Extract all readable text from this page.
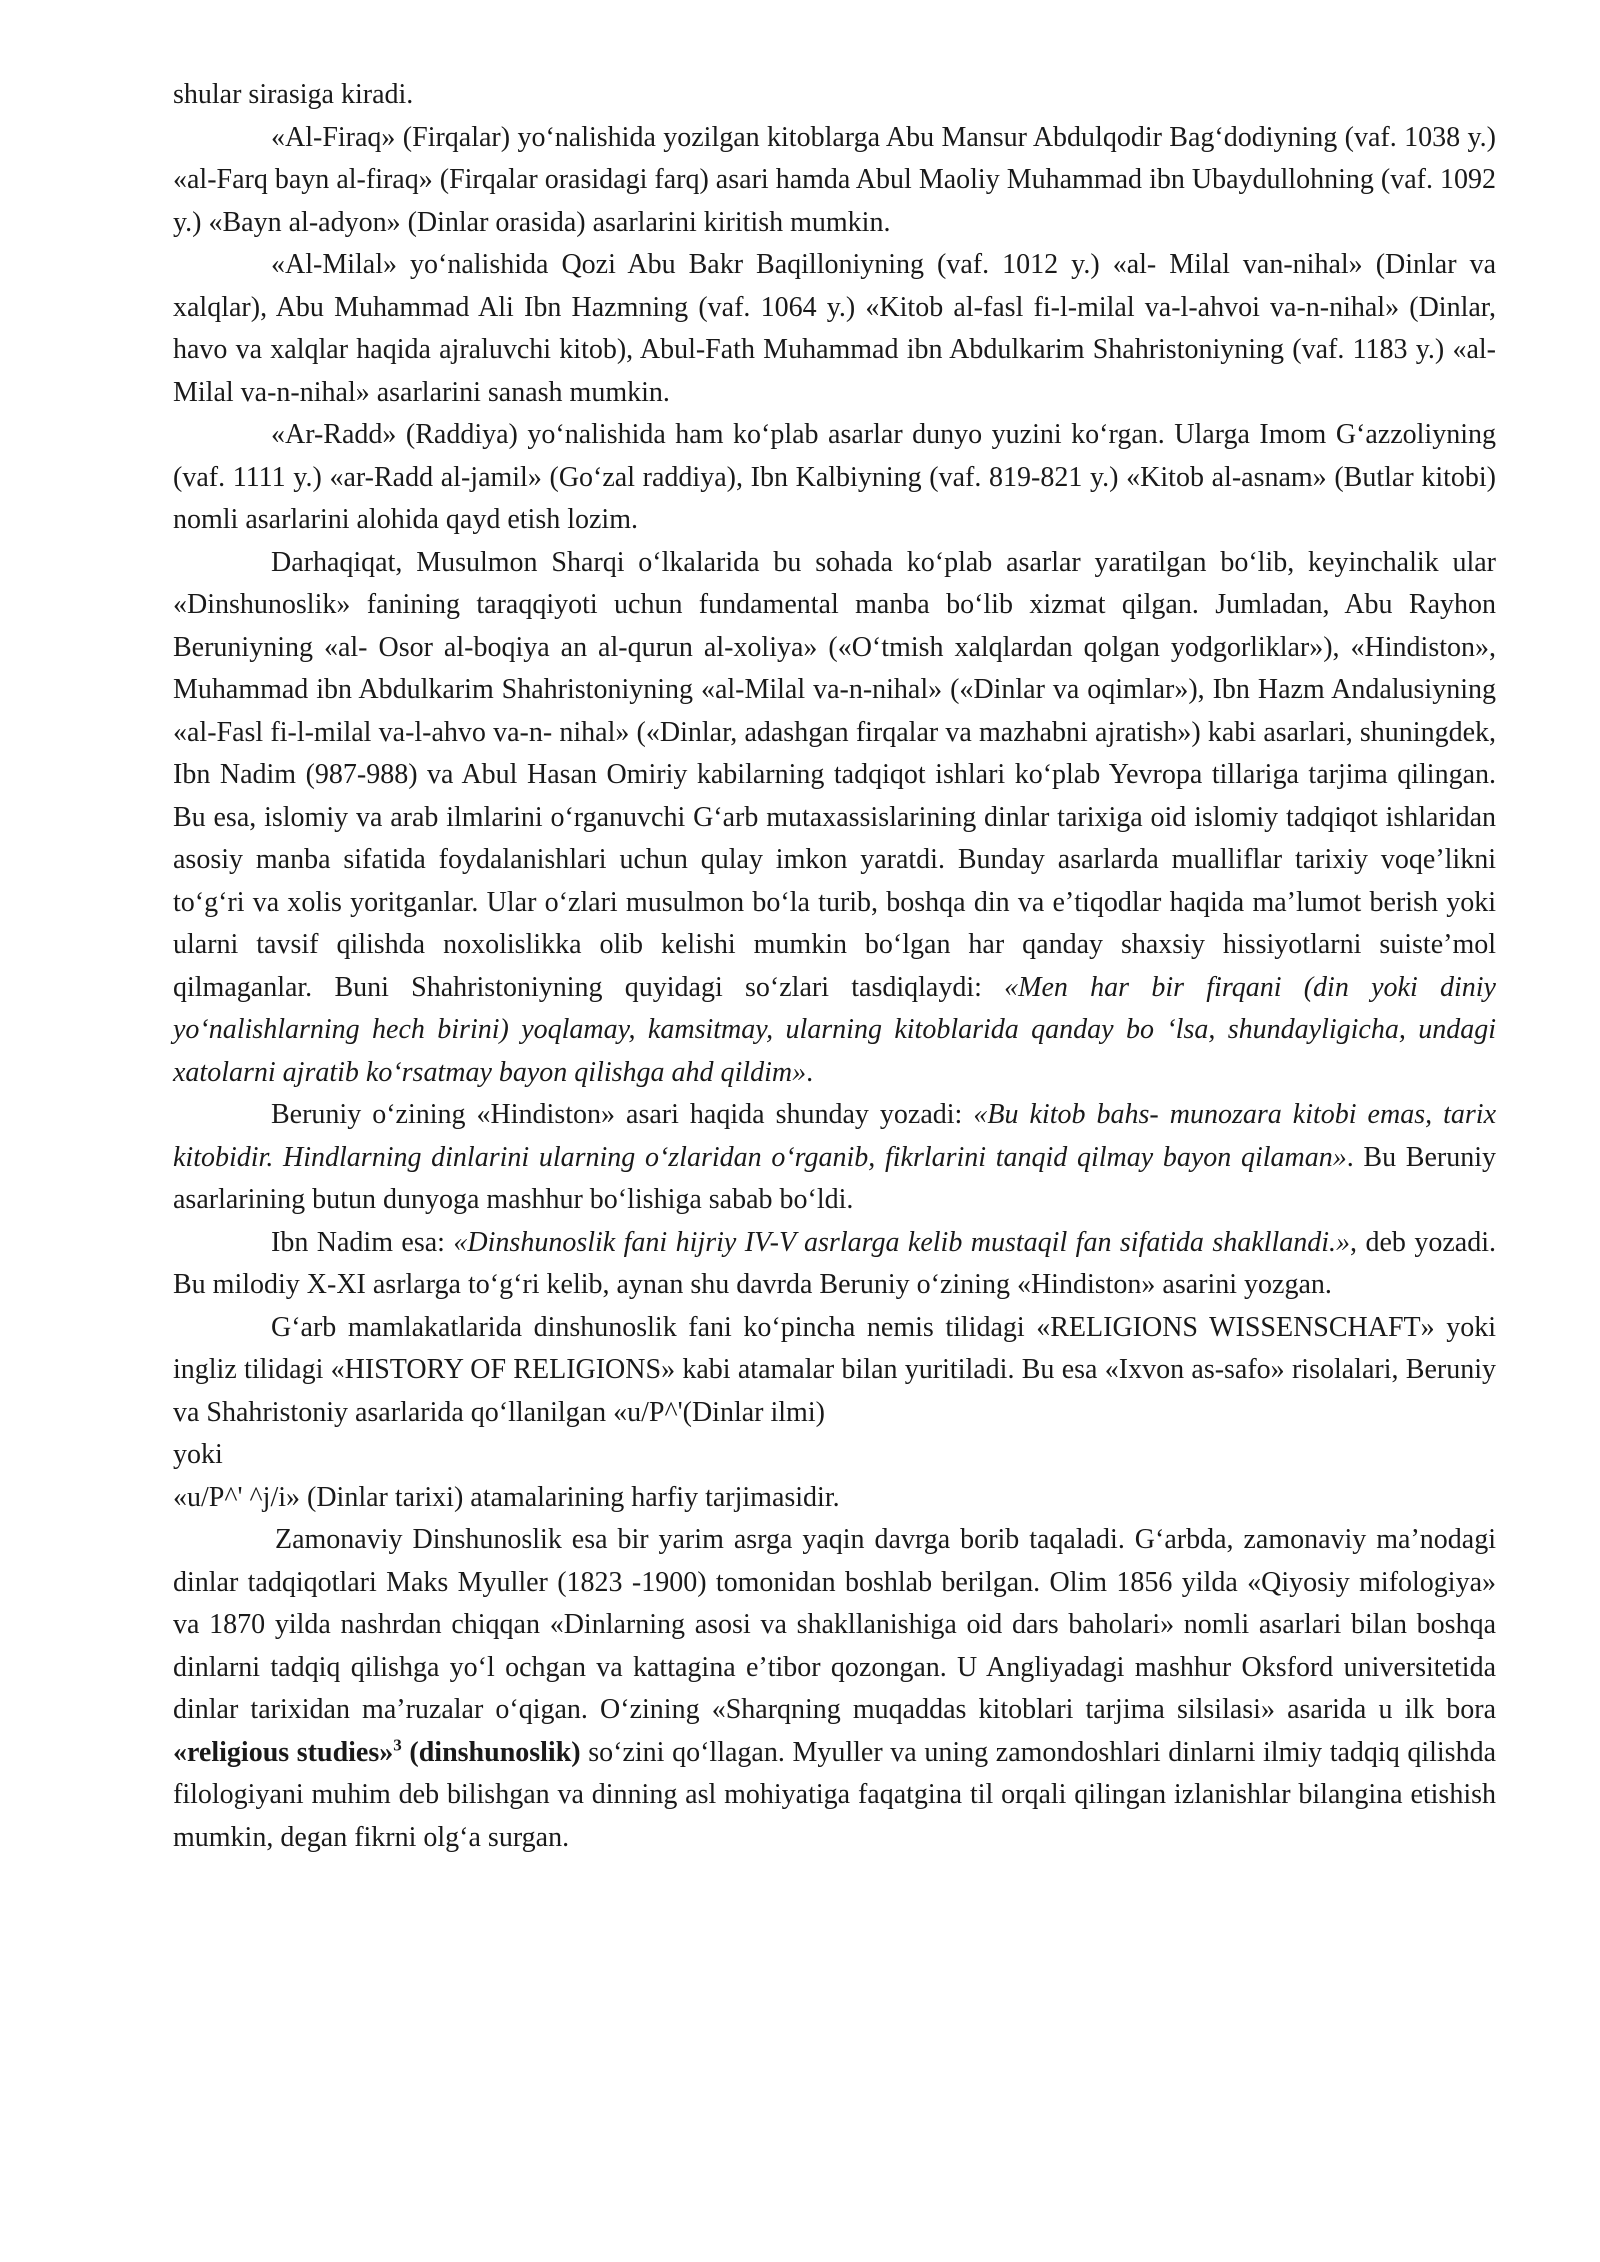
shular sirasiga kiradi.

«Al-Firaq» (Firqalar) yoʻnalishida yozilgan kitoblarga Abu Mansur Abdulqodir Bagʻdodiyning (vaf. 1038 y.) «al-Farq bayn al-firaq» (Firqalar orasidagi farq) asari hamda Abul Maoliy Muhammad ibn Ubaydullohning (vaf. 1092 y.) «Bayn al-adyon» (Dinlar orasida) asarlarini kiritish mumkin.

«Al-Milal» yoʻnalishida Qozi Abu Bakr Baqilloniyning (vaf. 1012 y.) «al- Milal van-nihal» (Dinlar va xalqlar), Abu Muhammad Ali Ibn Hazmning (vaf. 1064 y.) «Kitob al-fasl fi-l-milal va-l-ahvoi va-n-nihal» (Dinlar, havo va xalqlar haqida ajraluvchi kitob), Abul-Fath Muhammad ibn Abdulkarim Shahristoniyning (vaf. 1183 y.) «al-Milal va-n-nihal» asarlarini sanash mumkin.

«Ar-Radd» (Raddiya) yoʻnalishida ham koʻplab asarlar dunyo yuzini koʻrgan. Ularga Imom Gʻazzoliyning (vaf. 1111 y.) «ar-Radd al-jamil» (Goʻzal raddiya), Ibn Kalbiyning (vaf. 819-821 y.) «Kitob al-asnam» (Butlar kitobi) nomli asarlarini alohida qayd etish lozim.

Darhaqiqat, Musulmon Sharqi oʻlkalarida bu sohada koʻplab asarlar yaratilgan boʻlib, keyinchalik ular «Dinshunoslik» fanining taraqqiyoti uchun fundamental manba boʻlib xizmat qilgan. Jumladan, Abu Rayhon Beruniyning «al- Osor al-boqiya an al-qurun al-xoliya» («Oʻtmish xalqlardan qolgan yodgorliklar»), «Hindiston», Muhammad ibn Abdulkarim Shahristoniyning «al-Milal va-n-nihal» («Dinlar va oqimlar»), Ibn Hazm Andalusiyning «al-Fasl fi-l-milal va-l-ahvo va-n- nihal» («Dinlar, adashgan firqalar va mazhabni ajratish») kabi asarlari, shuningdek, Ibn Nadim (987-988) va Abul Hasan Omiriy kabilarning tadqiqot ishlari koʻplab Yevropa tillariga tarjima qilingan. Bu esa, islomiy va arab ilmlarini oʻrganuvchi Gʻarb mutaxassislarining dinlar tarixiga oid islomiy tadqiqot ishlaridan asosiy manba sifatida foydalanishlari uchun qulay imkon yaratdi. Bunday asarlarda mualliflar tarixiy voqeʼlikni toʻgʻri va xolis yoritganlar. Ular oʻzlari musulmon boʻla turib, boshqa din va eʼtiqodlar haqida maʼlumot berish yoki ularni tavsif qilishda noxolislikka olib kelishi mumkin boʻlgan har qanday shaxsiy hissiyotlarni suisteʼmol qilmaganlar. Buni Shahristoniyning quyidagi soʻzlari tasdiqlaydi: «Men har bir firqani (din yoki diniy yoʻnalishlarning hech birini) yoqlamay, kamsitmay, ularning kitoblarida qanday bo ʻlsa, shundayligicha, undagi xatolarni ajratib koʻrsatmay bayon qilishga ahd qildim».

Beruniy oʻzining «Hindiston» asari haqida shunday yozadi: «Bu kitob bahs- munozara kitobi emas, tarix kitobidir. Hindlarning dinlarini ularning oʻzlaridan oʻrganib, fikrlarini tanqid qilmay bayon qilaman». Bu Beruniy asarlarining butun dunyoga mashhur boʻlishiga sabab boʻldi.

Ibn Nadim esa: «Dinshunoslik fani hijriy IV-V asrlarga kelib mustaqil fan sifatida shakllandi.», deb yozadi. Bu milodiy X-XI asrlarga toʻgʻri kelib, aynan shu davrda Beruniy oʻzining «Hindiston» asarini yozgan.

Gʻarb mamlakatlarida dinshunoslik fani koʻpincha nemis tilidagi «RELIGIONS WISSENSCHAFT» yoki ingliz tilidagi «HISTORY OF RELIGIONS» kabi atamalar bilan yuritiladi. Bu esa «Ixvon as-safo» risolalari, Beruniy va Shahristoniy asarlarida qoʻllanilgan «u/P^'(Dinlar ilmi)

yoki

«u/P^' ^j/i» (Dinlar tarixi) atamalarining harfiy tarjimasidir.

Zamonaviy Dinshunoslik esa bir yarim asrga yaqin davrga borib taqaladi. Gʻarbda, zamonaviy maʼnodagi dinlar tadqiqotlari Maks Myuller (1823 -1900) tomonidan boshlab berilgan. Olim 1856 yilda «Qiyosiy mifologiya» va 1870 yilda nashrdan chiqqan «Dinlarning asosi va shakllanishiga oid dars baholari» nomli asarlari bilan boshqa dinlarni tadqiq qilishga yoʻl ochgan va kattagina eʼtibor qozongan. U Angliyadagi mashhur Oksford universitetida dinlar tarixidan maʼruzalar oʻqigan. Oʻzining «Sharqning muqaddas kitoblari tarjima silsilasi» asarida u ilk bora «religious studies»$^3$ (dinshunoslik) soʻzini qoʻllagan. Myuller va uning zamondoshlari dinlarni ilmiy tadqiq qilishda filologiyani muhim deb bilishgan va dinning asl mohiyatiga faqatgina til orqali qilingan izlanishlar bilangina etishish mumkin, degan fikrni olgʻa surgan.
